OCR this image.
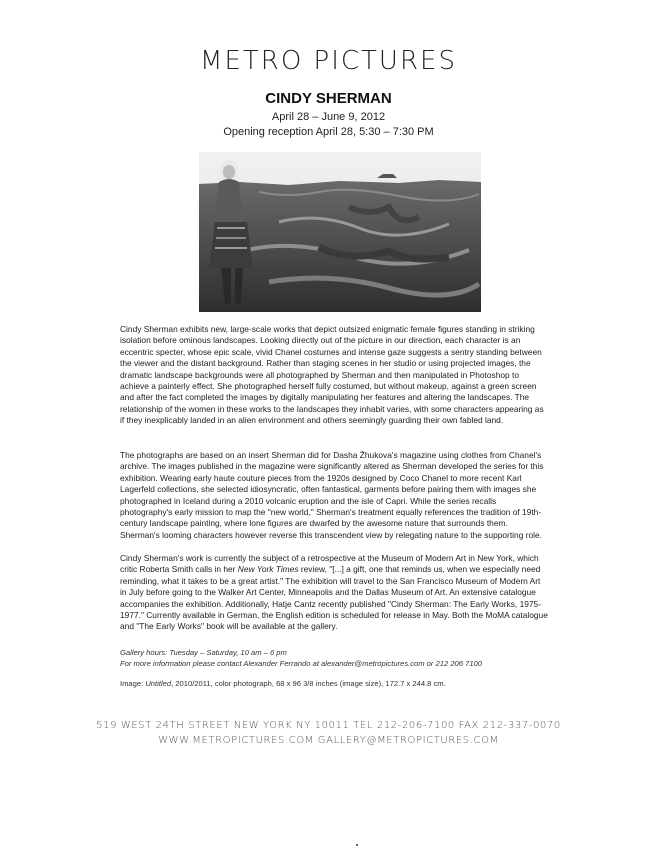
METRO PICTURES
CINDY SHERMAN
April 28 – June 9, 2012
Opening reception April 28, 5:30 – 7:30 PM

Cindy Sherman exhibits new, large-scale works that depict outsized enigmatic female figures standing in striking isolation before ominous landscapes. Looking directly out of the picture in our direction, each character is an eccentric specter, whose epic scale, vivid Chanel costumes and intense gaze suggests a sentry standing between the viewer and the distant background. Rather than staging scenes in her studio or using projected images, the dramatic landscape backgrounds were all photographed by Sherman and then manipulated in Photoshop to achieve a painterly effect. She photographed herself fully costumed, but without makeup, against a green screen and after the fact completed the images by digitally manipulating her features and altering the landscapes. The relationship of the women in these works to the landscapes they inhabit varies, with some characters appearing as if they inexplicably landed in an alien environment and others seemingly guarding their own fabled land.

The photographs are based on an insert Sherman did for Dasha Žhukova's magazine using clothes from Chanel's archive. The images published in the magazine were significantly altered as Sherman developed the series for this exhibition. Wearing early haute couture pieces from the 1920s designed by Coco Chanel to more recent Karl Lagerfeld collections, she selected idiosyncratic, often fantastical, garments before pairing them with images she photographed in Iceland during a 2010 volcanic eruption and the isle of Capri. While the series recalls photography's early mission to map the "new world," Sherman's treatment equally references the tradition of 19th-century landscape painting, where lone figures are dwarfed by the awesome nature that surrounds them. Sherman's looming characters however reverse this transcendent view by relegating nature to the supporting role.

Cindy Sherman's work is currently the subject of a retrospective at the Museum of Modern Art in New York, which critic Roberta Smith calls in her New York Times review, "[...] a gift, one that reminds us, when we especially need reminding, what it takes to be a great artist." The exhibition will travel to the San Francisco Museum of Modern Art in July before going to the Walker Art Center, Minneapolis and the Dallas Museum of Art. An extensive catalogue accompanies the exhibition. Additionally, Hatje Cantz recently published "Cindy Sherman: The Early Works, 1975-1977." Currently available in German, the English edition is scheduled for release in May. Both the MoMA catalogue and "The Early Works" book will be available at the gallery.

Gallery hours: Tuesday – Saturday, 10 am – 6 pm
For more information please contact Alexander Ferrando at alexander@metropictures.com or 212 206 7100
Image: Untitled, 2010/2011, color photograph, 68 x 96 3/8 inches (image size), 172.7 x 244.8 cm.
519 WEST 24TH STREET NEW YORK NY 10011 TEL 212-206-7100 FAX 212-337-0070
WWW.METROPICTURES.COM GALLERY@METROPICTURES.COM
